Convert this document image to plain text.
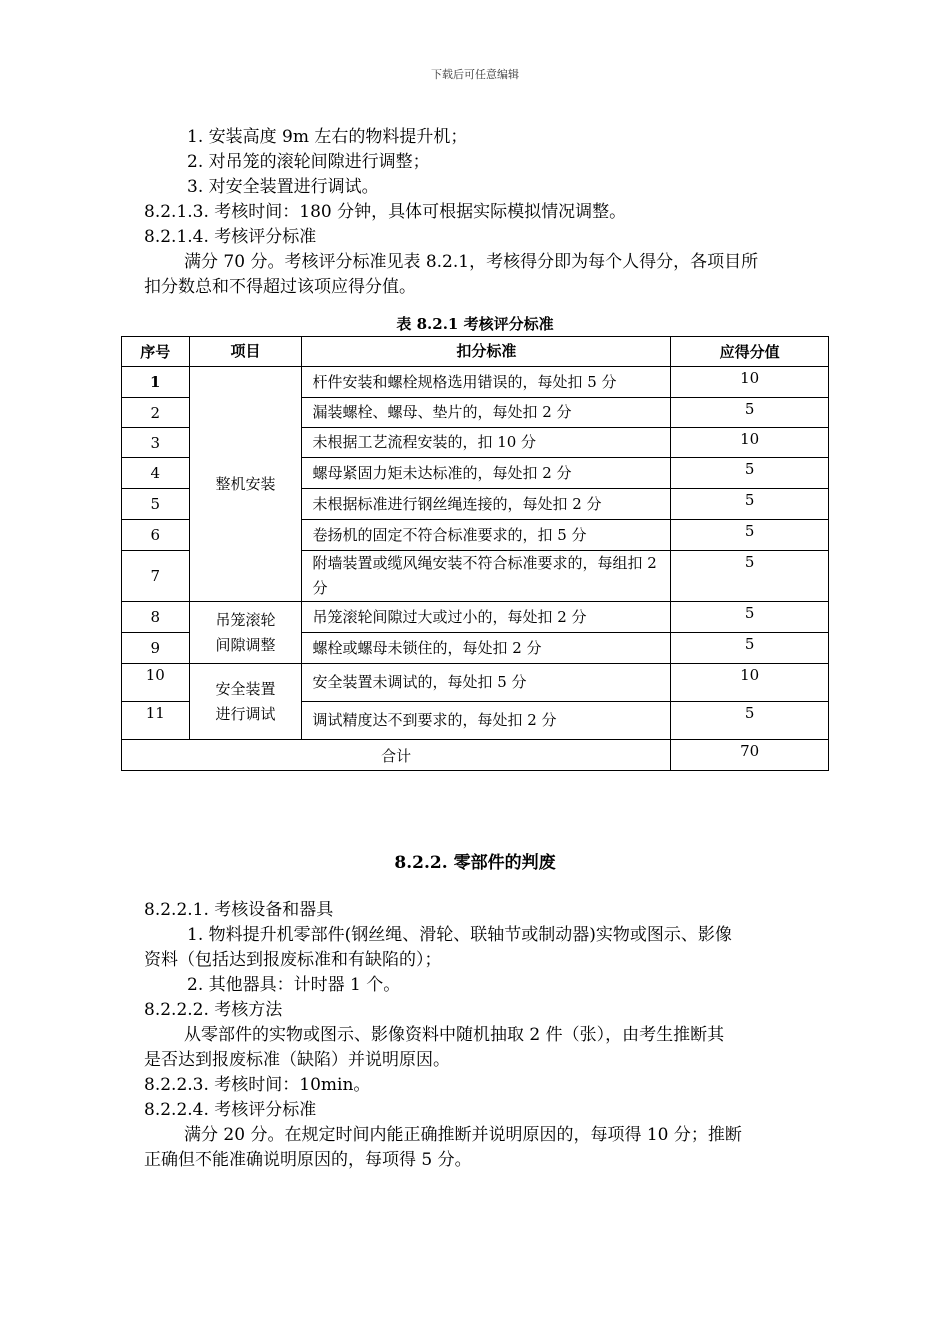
下载后可任意编辑
1. 安装高度 9m 左右的物料提升机；
2. 对吊笼的滚轮间隙进行调整；
3. 对安全装置进行调试。
8.2.1.3. 考核时间：180 分钟，具体可根据实际模拟情况调整。
8.2.1.4. 考核评分标准
满分 70 分。考核评分标准见表 8.2.1，考核得分即为每个人得分，各项目所
扣分数总和不得超过该项应得分值。
表 8.2.1 考核评分标准
序号	项目	扣分标准	应得分值
1	整机安装	杆件安装和螺栓规格选用错误的，每处扣 5 分	10
2		漏装螺栓、螺母、垫片的，每处扣 2 分	5
3		未根据工艺流程安装的，扣 10 分	10
4		螺母紧固力矩未达标准的，每处扣 2 分	5
5		未根据标准进行钢丝绳连接的，每处扣 2 分	5
6		卷扬机的固定不符合标准要求的，扣 5 分	5
7		附墙装置或缆风绳安装不符合标准要求的，每组扣 2 分	5
8	吊笼滚轮
间隙调整	吊笼滚轮间隙过大或过小的，每处扣 2 分	5
9		螺栓或螺母未锁住的，每处扣 2 分	5
10	安全装置
进行调试	安全装置未调试的，每处扣 5 分	10
11		调试精度达不到要求的，每处扣 2 分	5
合计			70
8.2.2. 零部件的判废
8.2.2.1. 考核设备和器具
1. 物料提升机零部件(钢丝绳、滑轮、联轴节或制动器)实物或图示、影像
资料（包括达到报废标准和有缺陷的）；
2. 其他器具：计时器 1 个。
8.2.2.2. 考核方法
从零部件的实物或图示、影像资料中随机抽取 2 件（张），由考生推断其
是否达到报废标准（缺陷）并说明原因。
8.2.2.3. 考核时间：10min。
8.2.2.4. 考核评分标准
满分 20 分。在规定时间内能正确推断并说明原因的，每项得 10 分；推断
正确但不能准确说明原因的，每项得 5 分。
